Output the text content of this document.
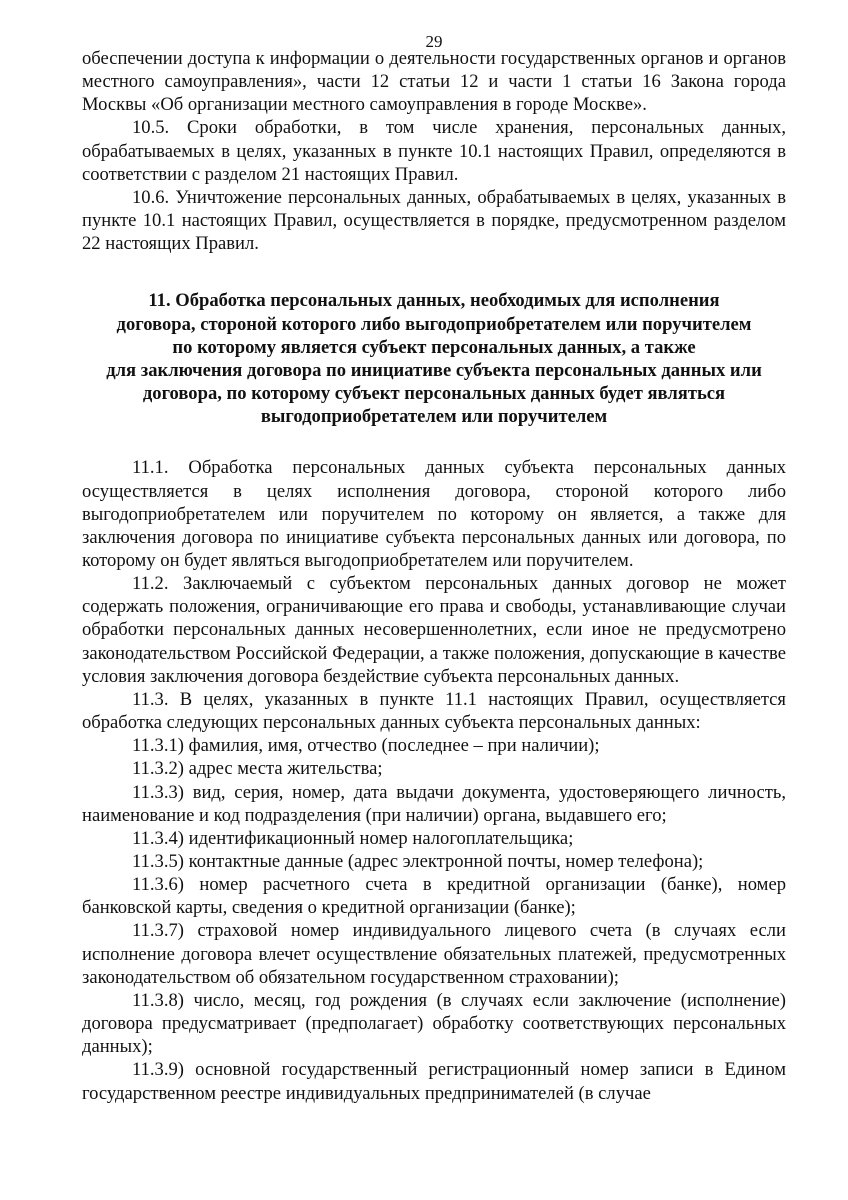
29

обеспечении доступа к информации о деятельности государственных органов и органов местного самоуправления», части 12 статьи 12 и части 1 статьи 16 Закона города Москвы «Об организации местного самоуправления в городе Москве».

10.5. Сроки обработки, в том числе хранения, персональных данных, обрабатываемых в целях, указанных в пункте 10.1 настоящих Правил, определяются в соответствии с разделом 21 настоящих Правил.

10.6. Уничтожение персональных данных, обрабатываемых в целях, указанных в пункте 10.1 настоящих Правил, осуществляется в порядке, предусмотренном разделом 22 настоящих Правил.

11. Обработка персональных данных, необходимых для исполнения
договора, стороной которого либо выгодоприобретателем или поручителем
по которому является субъект персональных данных, а также
для заключения договора по инициативе субъекта персональных данных или
договора, по которому субъект персональных данных будет являться
выгодоприобретателем или поручителем

11.1. Обработка персональных данных субъекта персональных данных осуществляется в целях исполнения договора, стороной которого либо выгодоприобретателем или поручителем по которому он является, а также для заключения договора по инициативе субъекта персональных данных или договора, по которому он будет являться выгодоприобретателем или поручителем.

11.2. Заключаемый с субъектом персональных данных договор не может содержать положения, ограничивающие его права и свободы, устанавливающие случаи обработки персональных данных несовершеннолетних, если иное не предусмотрено законодательством Российской Федерации, а также положения, допускающие в качестве условия заключения договора бездействие субъекта персональных данных.

11.3. В целях, указанных в пункте 11.1 настоящих Правил, осуществляется обработка следующих персональных данных субъекта персональных данных:

11.3.1) фамилия, имя, отчество (последнее – при наличии);

11.3.2) адрес места жительства;

11.3.3) вид, серия, номер, дата выдачи документа, удостоверяющего личность, наименование и код подразделения (при наличии) органа, выдавшего его;

11.3.4) идентификационный номер налогоплательщика;

11.3.5) контактные данные (адрес электронной почты, номер телефона);

11.3.6) номер расчетного счета в кредитной организации (банке), номер банковской карты, сведения о кредитной организации (банке);

11.3.7) страховой номер индивидуального лицевого счета (в случаях если исполнение договора влечет осуществление обязательных платежей, предусмотренных законодательством об обязательном государственном страховании);

11.3.8) число, месяц, год рождения (в случаях если заключение (исполнение) договора предусматривает (предполагает) обработку соответствующих персональных данных);

11.3.9) основной государственный регистрационный номер записи в Едином государственном реестре индивидуальных предпринимателей (в случае
